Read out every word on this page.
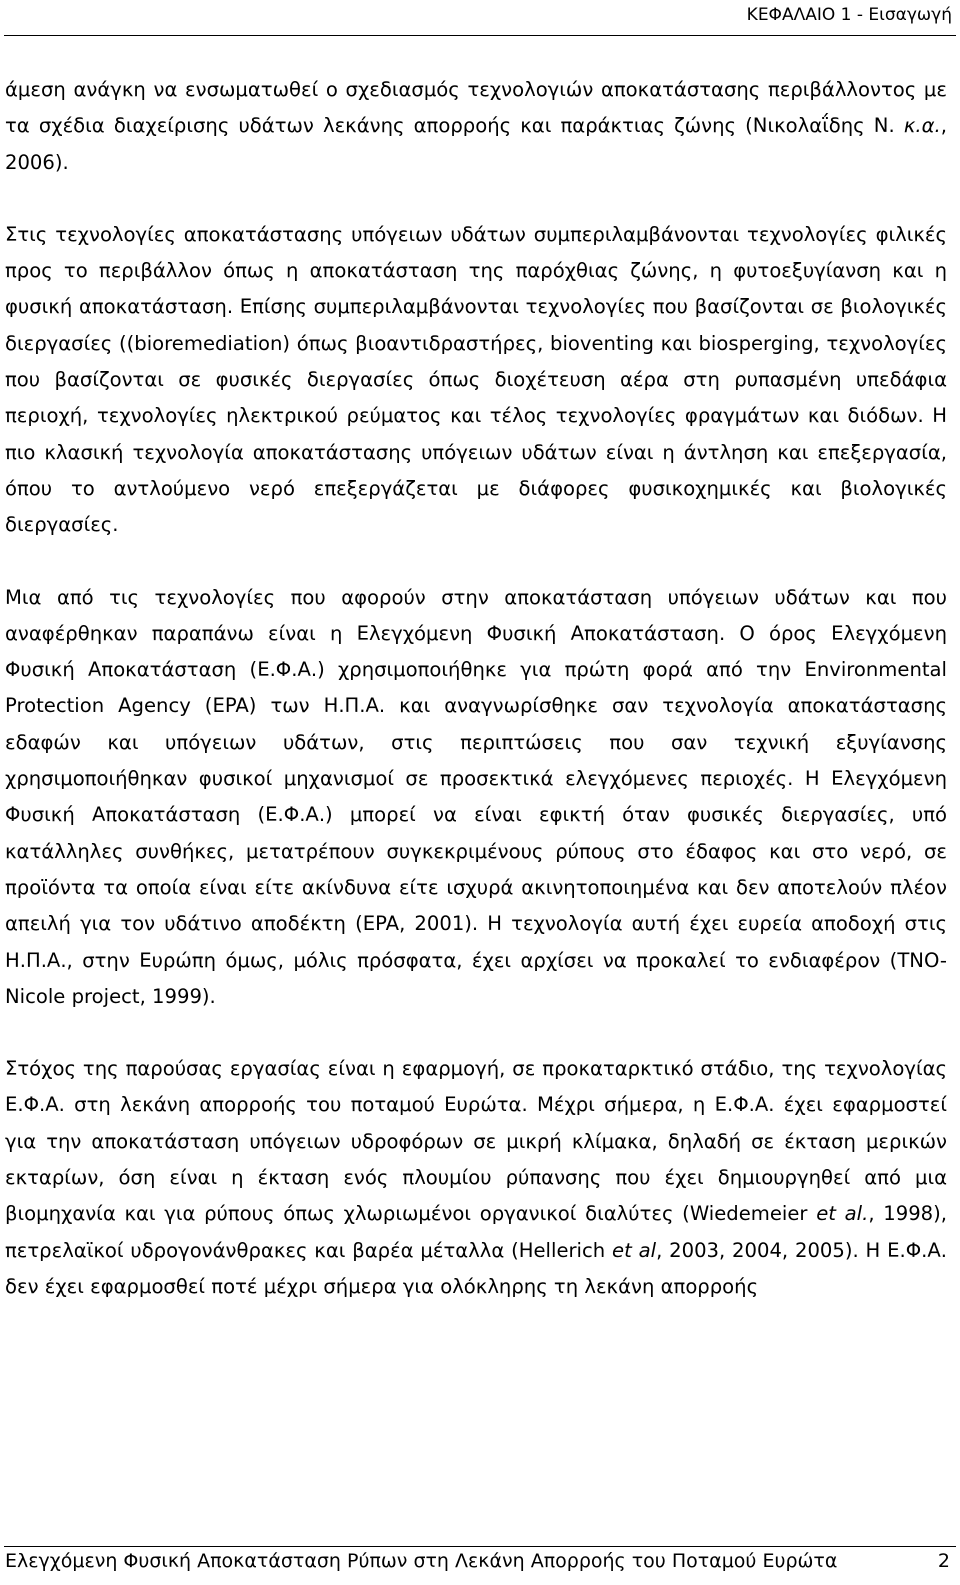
ΚΕΦΑΛΑΙΟ 1 - Εισαγωγή

άμεση ανάγκη να ενσωματωθεί ο σχεδιασμός τεχνολογιών αποκατάστασης περιβάλλοντος με τα σχέδια διαχείρισης υδάτων λεκάνης απορροής και παράκτιας ζώνης (Νικολαΐδης Ν. κ.α., 2006).

Στις τεχνολογίες αποκατάστασης υπόγειων υδάτων συμπεριλαμβάνονται τεχνολογίες φιλικές προς το περιβάλλον όπως η αποκατάσταση της παρόχθιας ζώνης, η φυτοεξυγίανση και η φυσική αποκατάσταση. Επίσης συμπεριλαμβάνονται τεχνολογίες που βασίζονται σε βιολογικές διεργασίες ((bioremediation) όπως βιοαντιδραστήρες, bioventing και biosperging, τεχνολογίες που βασίζονται σε φυσικές διεργασίες όπως διοχέτευση αέρα στη ρυπασμένη υπεδάφια περιοχή, τεχνολογίες ηλεκτρικού ρεύματος και τέλος τεχνολογίες φραγμάτων και διόδων. Η πιο κλασική τεχνολογία αποκατάστασης υπόγειων υδάτων είναι η άντληση και επεξεργασία, όπου το αντλούμενο νερό επεξεργάζεται με διάφορες φυσικοχημικές και βιολογικές διεργασίες.

Μια από τις τεχνολογίες που αφορούν στην αποκατάσταση υπόγειων υδάτων και που αναφέρθηκαν παραπάνω είναι η Ελεγχόμενη Φυσική Αποκατάσταση. Ο όρος Ελεγχόμενη Φυσική Αποκατάσταση (Ε.Φ.Α.) χρησιμοποιήθηκε για πρώτη φορά από την Environmental Protection Agency (EPA) των Η.Π.Α. και αναγνωρίσθηκε σαν τεχνολογία αποκατάστασης εδαφών και υπόγειων υδάτων, στις περιπτώσεις που σαν τεχνική εξυγίανσης χρησιμοποιήθηκαν φυσικοί μηχανισμοί σε προσεκτικά ελεγχόμενες περιοχές. Η Ελεγχόμενη Φυσική Αποκατάσταση (Ε.Φ.Α.) μπορεί να είναι εφικτή όταν φυσικές διεργασίες, υπό κατάλληλες συνθήκες, μετατρέπουν συγκεκριμένους ρύπους στο έδαφος και στο νερό, σε προϊόντα τα οποία είναι είτε ακίνδυνα είτε ισχυρά ακινητοποιημένα και δεν αποτελούν πλέον απειλή για τον υδάτινο αποδέκτη (EPA, 2001). Η τεχνολογία αυτή έχει ευρεία αποδοχή στις Η.Π.Α., στην Ευρώπη όμως, μόλις πρόσφατα, έχει αρχίσει να προκαλεί το ενδιαφέρον (TNO-Nicole project, 1999).

Στόχος της παρούσας εργασίας είναι η εφαρμογή, σε προκαταρκτικό στάδιο, της τεχνολογίας Ε.Φ.Α. στη λεκάνη απορροής του ποταμού Ευρώτα. Μέχρι σήμερα, η Ε.Φ.Α. έχει εφαρμοστεί για την αποκατάσταση υπόγειων υδροφόρων σε μικρή κλίμακα, δηλαδή σε έκταση μερικών εκταρίων, όση είναι η έκταση ενός πλουμίου ρύπανσης που έχει δημιουργηθεί από μια βιομηχανία και για ρύπους όπως χλωριωμένοι οργανικοί διαλύτες (Wiedemeier et al., 1998), πετρελαϊκοί υδρογονάνθρακες και βαρέα μέταλλα (Hellerich et al, 2003, 2004, 2005). Η Ε.Φ.Α. δεν έχει εφαρμοσθεί ποτέ μέχρι σήμερα για ολόκληρης τη λεκάνη απορροής

Ελεγχόμενη Φυσική Αποκατάσταση Ρύπων στη Λεκάνη Απορροής του Ποταμού Ευρώτα	2
